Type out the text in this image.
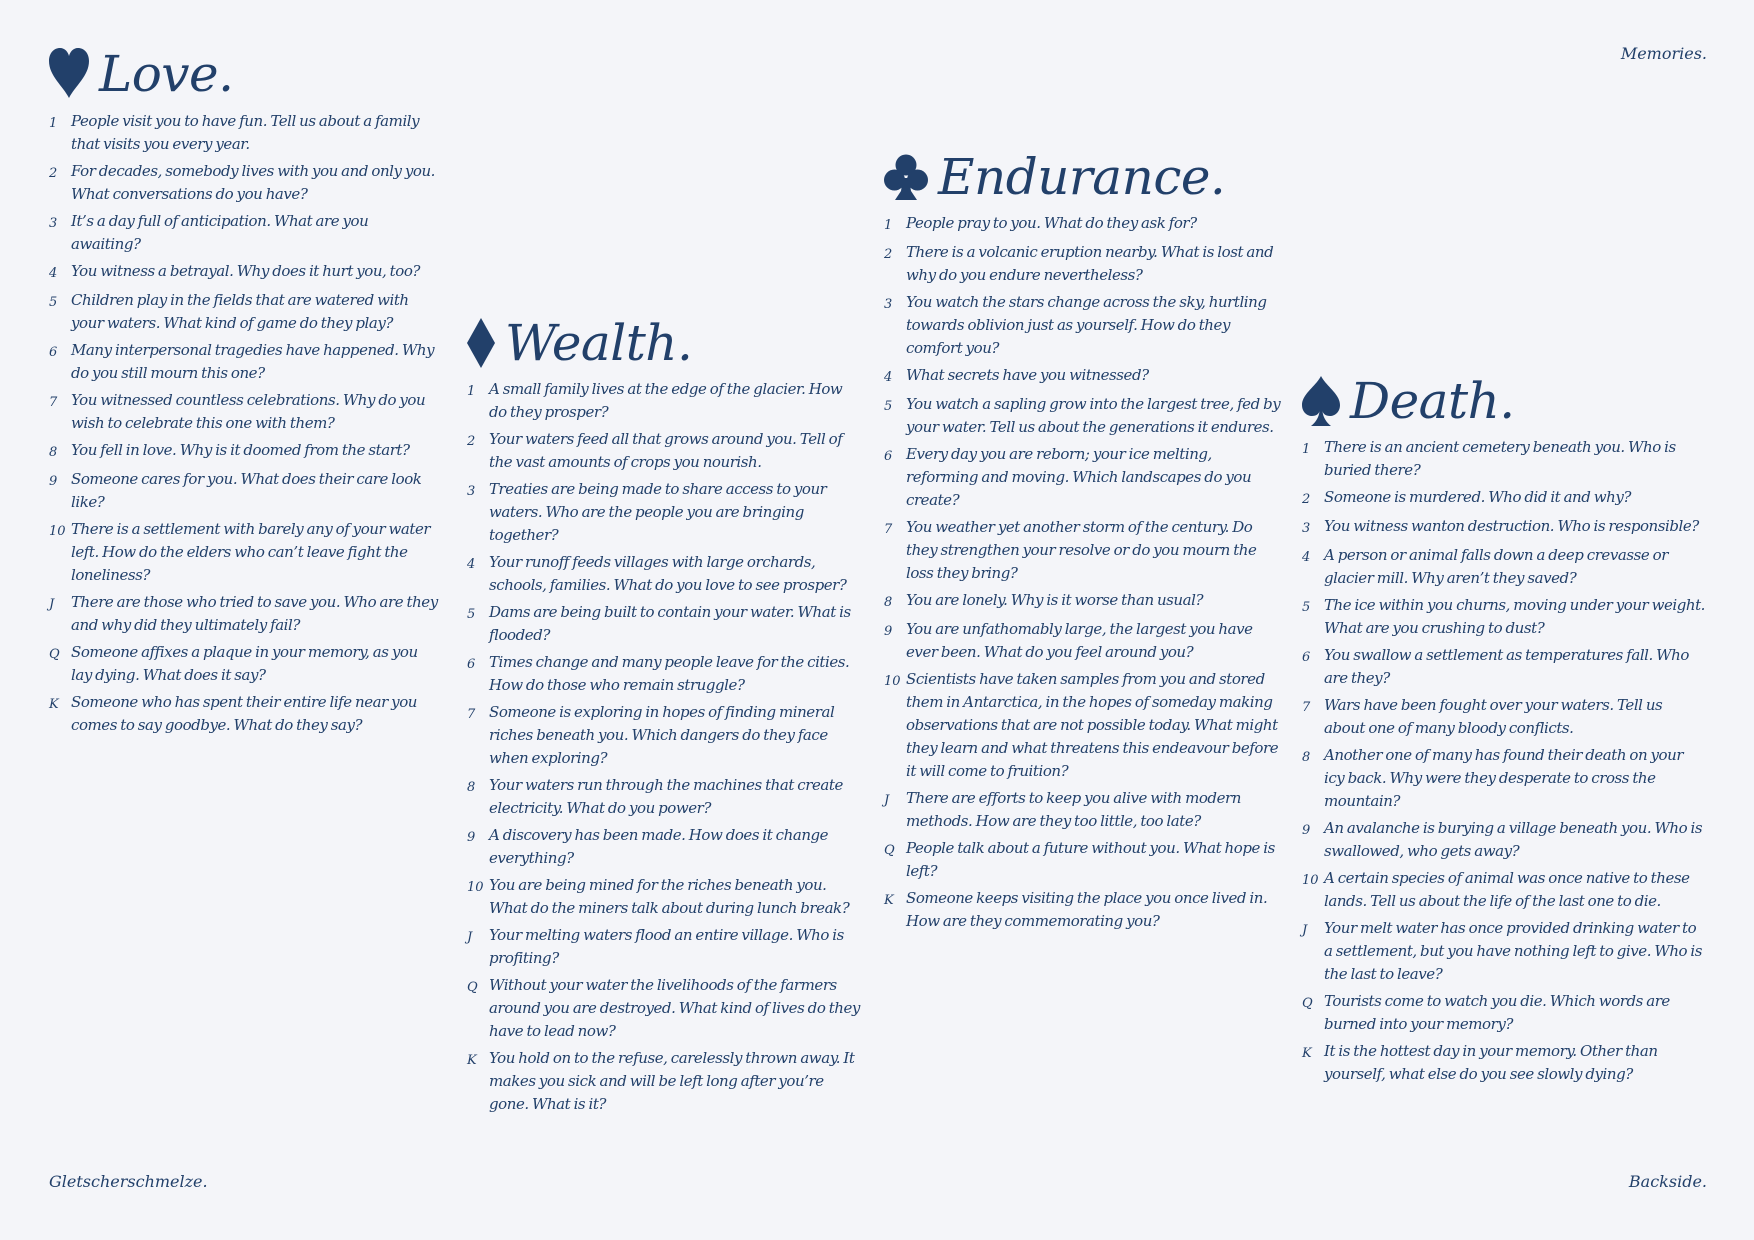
Memories.
Love.
1 People visit you to have fun. Tell us about a family that visits you every year.
2 For decades, somebody lives with you and only you. What conversations do you have?
3 It’s a day full of anticipation. What are you awaiting?
4 You witness a betrayal. Why does it hurt you, too?
5 Children play in the fields that are watered with your waters. What kind of game do they play?
6 Many interpersonal tragedies have happened. Why do you still mourn this one?
7 You witnessed countless celebrations. Why do you wish to celebrate this one with them?
8 You fell in love. Why is it doomed from the start?
9 Someone cares for you. What does their care look like?
10 There is a settlement with barely any of your water left. How do the elders who can’t leave fight the loneliness?
J	There are those who tried to save you. Who are they and why did they ultimately fail?
Q Someone affixes a plaque in your memory, as you lay dying. What does it say?
K Someone who has spent their entire life near you comes to say goodbye. What do they say?
Wealth.
1 A small family lives at the edge of the glacier. How do they prosper?
2 Your waters feed all that grows around you. Tell of the vast amounts of crops you nourish.
3 Treaties are being made to share access to your waters. Who are the people you are bringing together?
4 Your runoff feeds villages with large orchards, schools, families. What do you love to see prosper?
5 Dams are being built to contain your water. What is flooded?
6 Times change and many people leave for the cities. How do those who remain struggle?
7 Someone is exploring in hopes of finding mineral riches beneath you. Which dangers do they face when exploring?
8 Your waters run through the machines that create electricity. What do you power?
9 A discovery has been made. How does it change everything?
10 You are being mined for the riches beneath you. What do the miners talk about during lunch break?
J	Your melting waters flood an entire village. Who is profiting?
Q Without your water the livelihoods of the farmers around you are destroyed. What kind of lives do they have to lead now?
K You hold on to the refuse, carelessly thrown away. It makes you sick and will be left long after you’re gone. What is it?
Endurance.
1 People pray to you. What do they ask for?
2 There is a volcanic eruption nearby. What is lost and why do you endure nevertheless?
3 You watch the stars change across the sky, hurtling towards oblivion just as yourself. How do they comfort you?
4 What secrets have you witnessed?
5 You watch a sapling grow into the largest tree, fed by your water. Tell us about the generations it endures.
6 Every day you are reborn; your ice melting, reforming and moving. Which landscapes do you create?
7 You weather yet another storm of the century. Do they strengthen your resolve or do you mourn the loss they bring?
8 You are lonely. Why is it worse than usual?
9 You are unfathomably large, the largest you have ever been. What do you feel around you?
10 Scientists have taken samples from you and stored them in Antarctica, in the hopes of someday making observations that are not possible today. What might they learn and what threatens this endeavour before it will come to fruition?
J	There are efforts to keep you alive with modern methods. How are they too little, too late?
Q People talk about a future without you. What hope is left?
K Someone keeps visiting the place you once lived in. How are they commemorating you?
Death.
1 There is an ancient cemetery beneath you. Who is buried there?
2 Someone is murdered. Who did it and why?
3 You witness wanton destruction. Who is responsible?
4 A person or animal falls down a deep crevasse or glacier mill. Why aren’t they saved?
5 The ice within you churns, moving under your weight. What are you crushing to dust?
6 You swallow a settlement as temperatures fall. Who are they?
7 Wars have been fought over your waters. Tell us about one of many bloody conflicts.
8 Another one of many has found their death on your icy back. Why were they desperate to cross the mountain?
9 An avalanche is burying a village beneath you. Who is swallowed, who gets away?
10 A certain species of animal was once native to these lands. Tell us about the life of the last one to die.
J	Your melt water has once provided drinking water to a settlement, but you have nothing left to give. Who is the last to leave?
Q Tourists come to watch you die. Which words are burned into your memory?
K It is the hottest day in your memory. Other than yourself, what else do you see slowly dying?
Gletscherschmelze.	Backside.
